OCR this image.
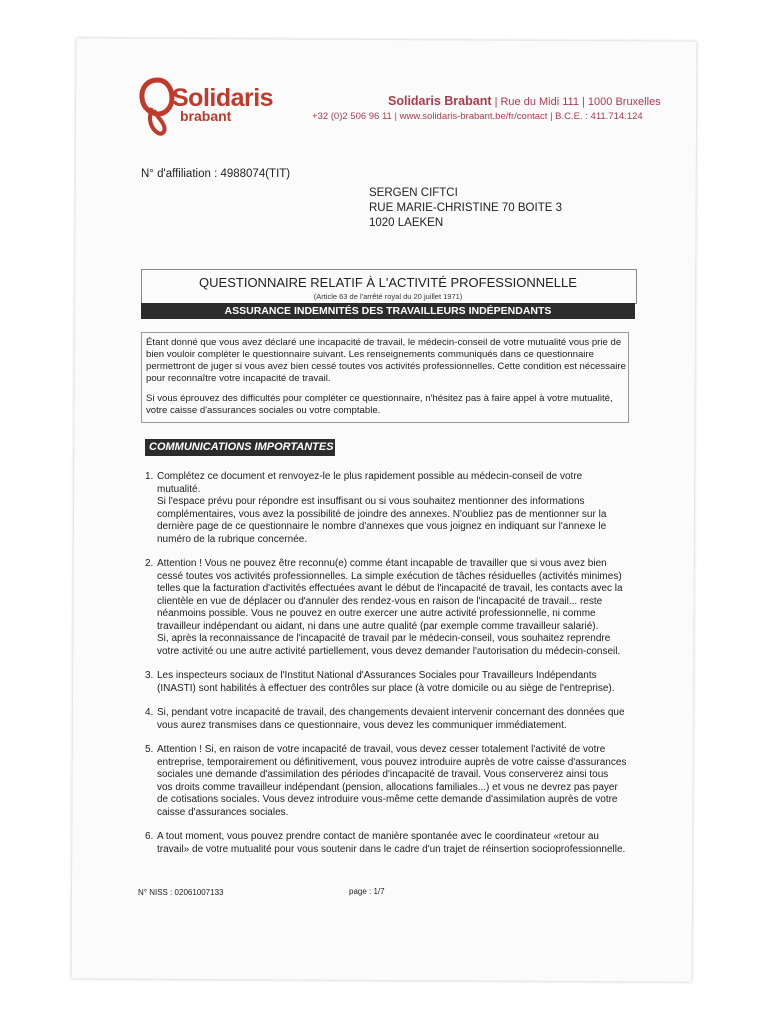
Solidaris
brabant
Solidaris Brabant | Rue du Midi 111 | 1000 Bruxelles
+32 (0)2 506 96 11 | www.solidaris-brabant.be/fr/contact | B.C.E. : 411.714.124
N° d'affiliation : 4988074(TIT)
SERGEN CIFTCI
RUE MARIE-CHRISTINE 70 BOITE 3
1020 LAEKEN
QUESTIONNAIRE RELATIF À L'ACTIVITÉ PROFESSIONNELLE
(Article 63 de l'arrêté royal du 20 juillet 1971)
ASSURANCE INDEMNITÉS DES TRAVAILLEURS INDÉPENDANTS

Étant donné que vous avez déclaré une incapacité de travail, le médecin-conseil de votre mutualité vous prie de bien vouloir compléter le questionnaire suivant. Les renseignements communiqués dans ce questionnaire permettront de juger si vous avez bien cessé toutes vos activités professionnelles. Cette condition est nécessaire pour reconnaître votre incapacité de travail.

Si vous éprouvez des difficultés pour compléter ce questionnaire, n'hésitez pas à faire appel à votre mutualité, votre caisse d'assurances sociales ou votre comptable.

COMMUNICATIONS IMPORTANTES
1. Complétez ce document et renvoyez-le le plus rapidement possible au médecin-conseil de votre
mutualité.
Si l'espace prévu pour répondre est insuffisant ou si vous souhaitez mentionner des informations
complémentaires, vous avez la possibilité de joindre des annexes. N'oubliez pas de mentionner sur la
dernière page de ce questionnaire le nombre d'annexes que vous joignez en indiquant sur l'annexe le
numéro de la rubrique concernée.
2. Attention ! Vous ne pouvez être reconnu(e) comme étant incapable de travailler que si vous avez bien
cessé toutes vos activités professionnelles. La simple exécution de tâches résiduelles (activités minimes)
telles que la facturation d'activités effectuées avant le début de l'incapacité de travail, les contacts avec la
clientèle en vue de déplacer ou d'annuler des rendez-vous en raison de l'incapacité de travail... reste
néanmoins possible. Vous ne pouvez en outre exercer une autre activité professionnelle, ni comme
travailleur indépendant ou aidant, ni dans une autre qualité (par exemple comme travailleur salarié).
Si, après la reconnaissance de l'incapacité de travail par le médecin-conseil, vous souhaitez reprendre
votre activité ou une autre activité partiellement, vous devez demander l'autorisation du médecin-conseil.
3. Les inspecteurs sociaux de l'Institut National d'Assurances Sociales pour Travailleurs Indépendants
(INASTI) sont habilités à effectuer des contrôles sur place (à votre domicile ou au siège de l'entreprise).
4. Si, pendant votre incapacité de travail, des changements devaient intervenir concernant des données que
vous aurez transmises dans ce questionnaire, vous devez les communiquer immédiatement.
5. Attention ! Si, en raison de votre incapacité de travail, vous devez cesser totalement l'activité de votre
entreprise, temporairement ou définitivement, vous pouvez introduire auprès de votre caisse d'assurances
sociales une demande d'assimilation des périodes d'incapacité de travail. Vous conserverez ainsi tous
vos droits comme travailleur indépendant (pension, allocations familiales...) et vous ne devrez pas payer
de cotisations sociales. Vous devez introduire vous-même cette demande d'assimilation auprès de votre
caisse d'assurances sociales.
6. A tout moment, vous pouvez prendre contact de manière spontanée avec le coordinateur «retour au
travail» de votre mutualité pour vous soutenir dans le cadre d'un trajet de réinsertion socioprofessionnelle.
N° NISS : 02061007133	page : 1/7
